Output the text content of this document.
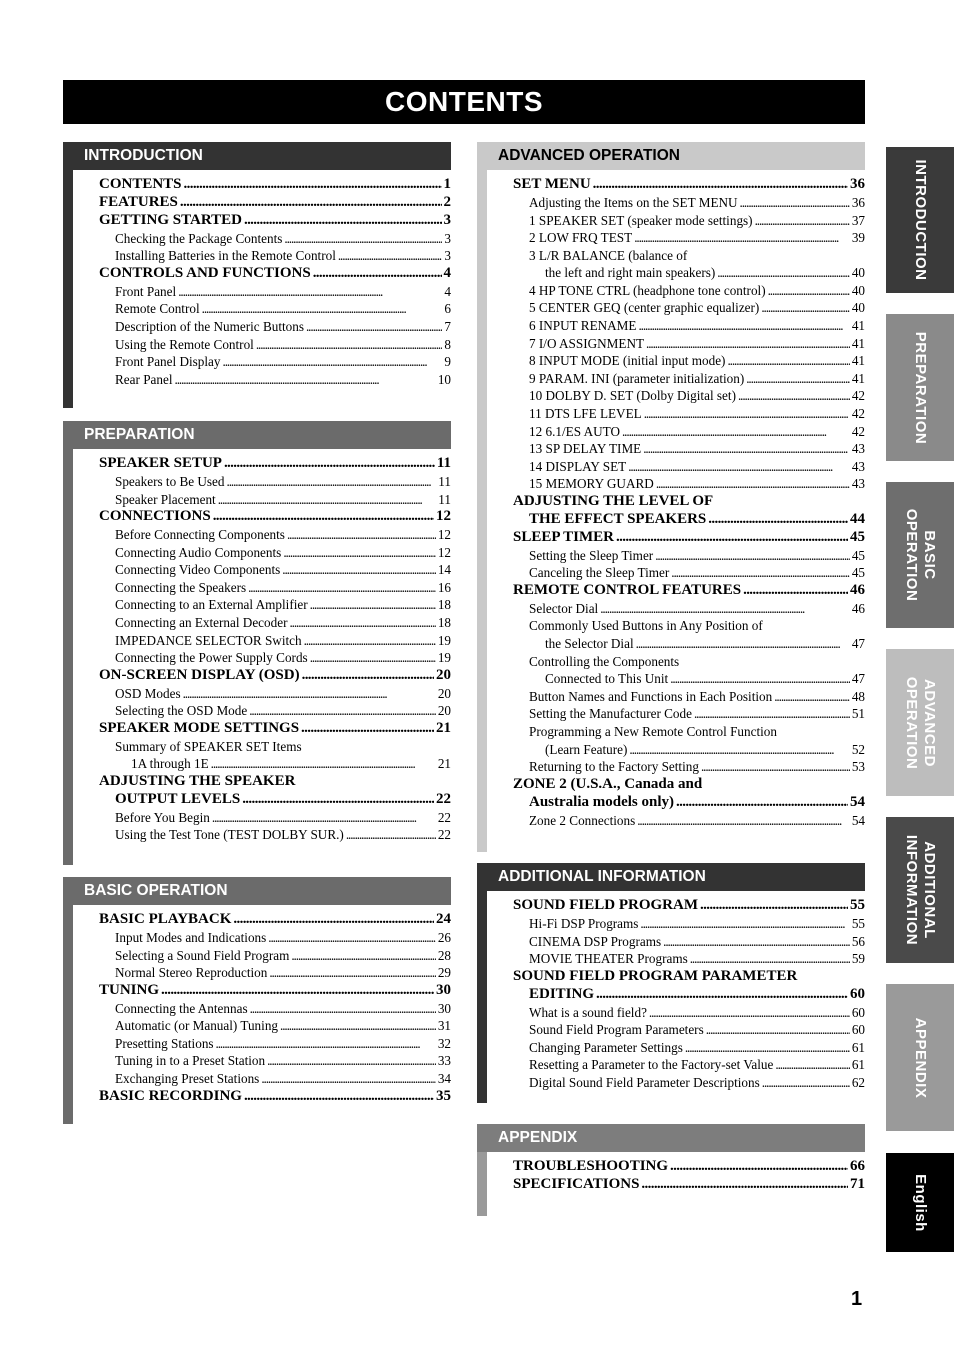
CONTENTS
INTRODUCTION
CONTENTS . . .	1
FEATURES . . .	2
GETTING STARTED . . .	3
Checking the Package Contents . . .	3
Installing Batteries in the Remote Control . . .	3
CONTROLS AND FUNCTIONS . . .	4
Front Panel . . .	4
Remote Control . . .	6
Description of the Numeric Buttons . . .	7
Using the Remote Control . . .	8
Front Panel Display . . .	9
Rear Panel . . .	10
PREPARATION
SPEAKER SETUP . . .	11
Speakers to Be Used . . .	11
Speaker Placement . . .	11
CONNECTIONS . . .	12
Before Connecting Components . . .	12
Connecting Audio Components . . .	12
Connecting Video Components . . .	14
Connecting the Speakers . . .	16
Connecting to an External Amplifier . . .	18
Connecting an External Decoder . . .	18
IMPEDANCE SELECTOR Switch . . .	19
Connecting the Power Supply Cords . . .	19
ON-SCREEN DISPLAY (OSD) . . .	20
OSD Modes . . .	20
Selecting the OSD Mode . . .	20
SPEAKER MODE SETTINGS . . .	21
Summary of SPEAKER SET Items
1A through 1E . . .	21
ADJUSTING THE SPEAKER
OUTPUT LEVELS . . .	22
Before You Begin . . .	22
Using the Test Tone (TEST DOLBY SUR.) . . .	22
BASIC OPERATION
BASIC PLAYBACK . . .	24
Input Modes and Indications . . .	26
Selecting a Sound Field Program . . .	28
Normal Stereo Reproduction . . .	29
TUNING . . .	30
Connecting the Antennas . . .	30
Automatic (or Manual) Tuning . . .	31
Presetting Stations . . .	32
Tuning in to a Preset Station . . .	33
Exchanging Preset Stations . . .	34
BASIC RECORDING . . .	35
ADVANCED OPERATION
SET MENU . . .	36
Adjusting the Items on the SET MENU . . .	36
1 SPEAKER SET (speaker mode settings) . . .	37
2 LOW FRQ TEST . . .	39
3 L/R BALANCE (balance of
the left and right main speakers) . . .	40
4 HP TONE CTRL (headphone tone control) . . .	40
5 CENTER GEQ (center graphic equalizer) . . .	40
6 INPUT RENAME . . .	41
7 I/O ASSIGNMENT . . .	41
8 INPUT MODE (initial input mode) . . .	41
9 PARAM. INI (parameter initialization) . . .	41
10 DOLBY D. SET (Dolby Digital set) . . .	42
11 DTS LFE LEVEL . . .	42
12 6.1/ES AUTO . . .	42
13 SP DELAY TIME . . .	43
14 DISPLAY SET . . .	43
15 MEMORY GUARD . . .	43
ADJUSTING THE LEVEL OF
THE EFFECT SPEAKERS . . .	44
SLEEP TIMER . . .	45
Setting the Sleep Timer . . .	45
Canceling the Sleep Timer . . .	45
REMOTE CONTROL FEATURES . . .	46
Selector Dial . . .	46
Commonly Used Buttons in Any Position of
the Selector Dial . . .	47
Controlling the Components
Connected to This Unit . . .	47
Button Names and Functions in Each Position . . .	48
Setting the Manufacturer Code . . .	51
Programming a New Remote Control Function
(Learn Feature) . . .	52
Returning to the Factory Setting . . .	53
ZONE 2 (U.S.A., Canada and
Australia models only) . . .	54
Zone 2 Connections . . .	54
ADDITIONAL INFORMATION
SOUND FIELD PROGRAM . . .	55
Hi-Fi DSP Programs . . .	55
CINEMA DSP Programs . . .	56
MOVIE THEATER Programs . . .	59
SOUND FIELD PROGRAM PARAMETER
EDITING . . .	60
What is a sound field? . . .	60
Sound Field Program Parameters . . .	60
Changing Parameter Settings . . .	61
Resetting a Parameter to the Factory-set Value . . .	61
Digital Sound Field Parameter Descriptions . . .	62
APPENDIX
TROUBLESHOOTING . . .	66
SPECIFICATIONS . . .	71
INTRODUCTION
PREPARATION
BASIC
OPERATION
ADVANCED
OPERATION
ADDITIONAL
INFORMATION
APPENDIX
English
1
